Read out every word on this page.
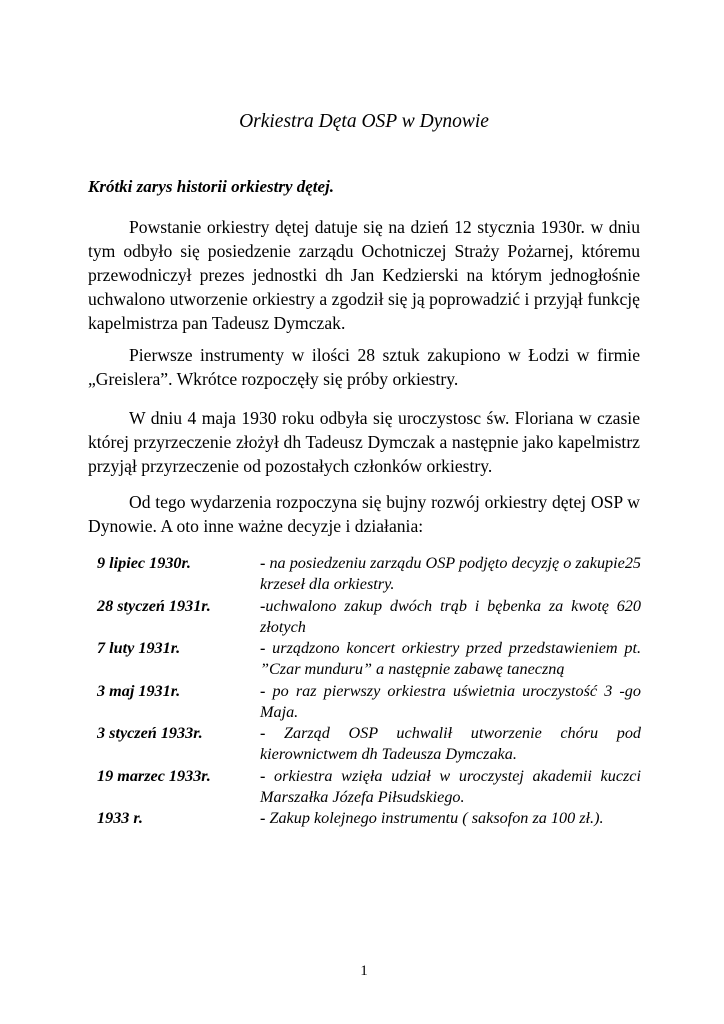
Orkiestra Dęta OSP w Dynowie
Krótki zarys historii orkiestry dętej.

Powstanie orkiestry dętej datuje się na dzień 12 stycznia 1930r. w dniu tym odbyło się posiedzenie zarządu Ochotniczej Straży Pożarnej, któremu przewodniczył prezes jednostki dh Jan Kedzierski na którym jednogłośnie uchwalono utworzenie orkiestry a zgodził się ją poprowadzić i przyjął funkcję kapelmistrza pan Tadeusz Dymczak.

Pierwsze instrumenty w ilości 28 sztuk zakupiono w Łodzi w firmie „Greislera”. Wkrótce rozpoczęły się próby orkiestry.

W dniu 4 maja 1930 roku odbyła się uroczystosc św. Floriana w czasie której przyrzeczenie złożył dh Tadeusz Dymczak a następnie jako kapelmistrz przyjął przyrzeczenie od pozostałych członków orkiestry.

Od tego wydarzenia rozpoczyna się bujny rozwój orkiestry dętej OSP w Dynowie. A oto inne ważne decyzje i działania:

9 lipiec 1930r.	- na posiedzeniu zarządu OSP podjęto decyzję o zakupie25 krzeseł dla orkiestry.
28 styczeń 1931r.	-uchwalono zakup dwóch trąb i bębenka za kwotę 620 złotych
7 luty 1931r.	- urządzono koncert orkiestry przed przedstawieniem pt. ”Czar munduru” a następnie zabawę taneczną
3 maj 1931r.	- po raz pierwszy orkiestra uświetnia uroczystość 3 -go Maja.
3 styczeń 1933r.	- Zarząd OSP uchwalił utworzenie chóru pod kierownictwem dh Tadeusza Dymczaka.
19 marzec 1933r.	- orkiestra wzięła udział w uroczystej akademii kuczci Marszałka Józefa Piłsudskiego.
1933 r.	- Zakup kolejnego instrumentu ( saksofon za 100 zł.).
1
